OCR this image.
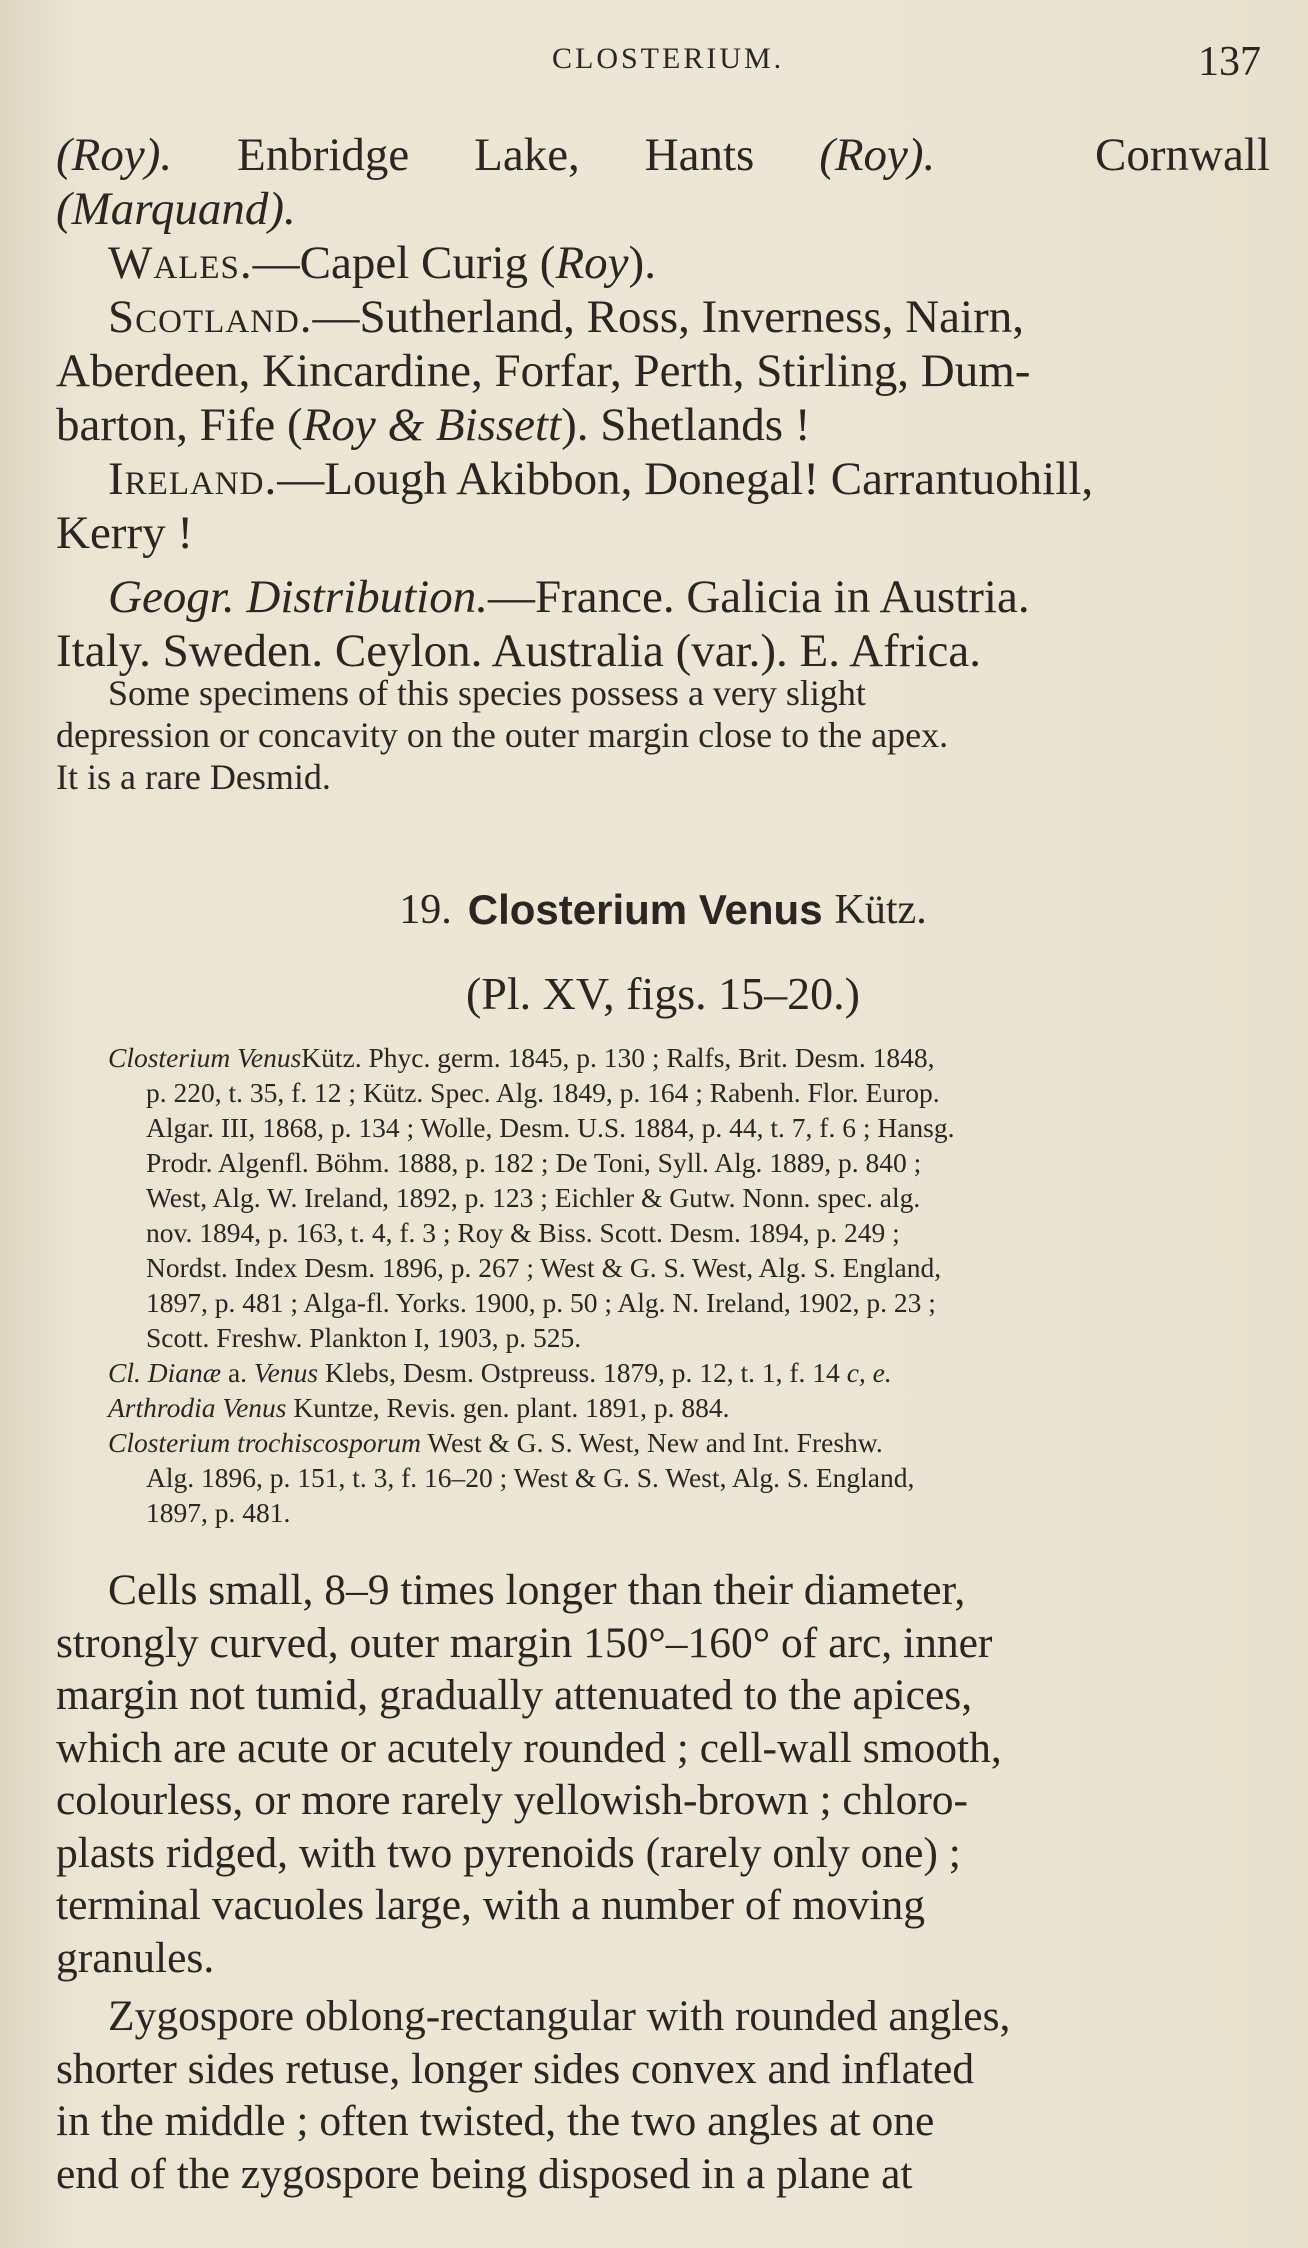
CLOSTERIUM.	137
(Roy). Enbridge Lake, Hants (Roy).	Cornwall
(Marquand).
Wales. —Capel Curig ( Roy ).
Scotland. —Sutherland, Ross, Inverness, Nairn,
Aberdeen, Kincardine, Forfar, Perth, Stirling, Dum-
barton, Fife ( Roy & Bissett ). Shetlands !
Ireland. —Lough Akibbon, Donegal! Carrantuohill,
Kerry !
Geogr. Distribution. —France. Galicia in Austria.
Italy. Sweden. Ceylon. Australia (var.). E. Africa.
Some specimens of this species possess a very slight
depression or concavity on the outer margin close to the apex.
It is a rare Desmid.
19. Closterium Venus Kütz.
(Pl. XV, figs. 15–20.)
Closterium Venus Kütz. Phyc. germ. 1845, p. 130 ; Ralfs, Brit. Desm. 1848,
p. 220, t. 35, f. 12 ; Kütz. Spec. Alg. 1849, p. 164 ; Rabenh. Flor. Europ.
Algar. III, 1868, p. 134 ; Wolle, Desm. U.S. 1884, p. 44, t. 7, f. 6 ; Hansg.
Prodr. Algenfl. Böhm. 1888, p. 182 ; De Toni, Syll. Alg. 1889, p. 840 ;
West, Alg. W. Ireland, 1892, p. 123 ; Eichler & Gutw. Nonn. spec. alg.
nov. 1894, p. 163, t. 4, f. 3 ; Roy & Biss. Scott. Desm. 1894, p. 249 ;
Nordst. Index Desm. 1896, p. 267 ; West & G. S. West, Alg. S. England,
1897, p. 481 ; Alga-fl. Yorks. 1900, p. 50 ; Alg. N. Ireland, 1902, p. 23 ;
Scott. Freshw. Plankton I, 1903, p. 525.
Cl. Dianæ a. Venus Klebs, Desm. Ostpreuss. 1879, p. 12, t. 1, f. 14 c, e.
Arthrodia Venus Kuntze, Revis. gen. plant. 1891, p. 884.
Closterium trochiscosporum West & G. S. West, New and Int. Freshw.
Alg. 1896, p. 151, t. 3, f. 16–20 ; West & G. S. West, Alg. S. England,
1897, p. 481.
Cells small, 8–9 times longer than their diameter,
strongly curved, outer margin 150°–160° of arc, inner
margin not tumid, gradually attenuated to the apices,
which are acute or acutely rounded ; cell-wall smooth,
colourless, or more rarely yellowish-brown ; chloro-
plasts ridged, with two pyrenoids (rarely only one) ;
terminal vacuoles large, with a number of moving
granules.
Zygospore oblong-rectangular with rounded angles,
shorter sides retuse, longer sides convex and inflated
in the middle ; often twisted, the two angles at one
end of the zygospore being disposed in a plane at
